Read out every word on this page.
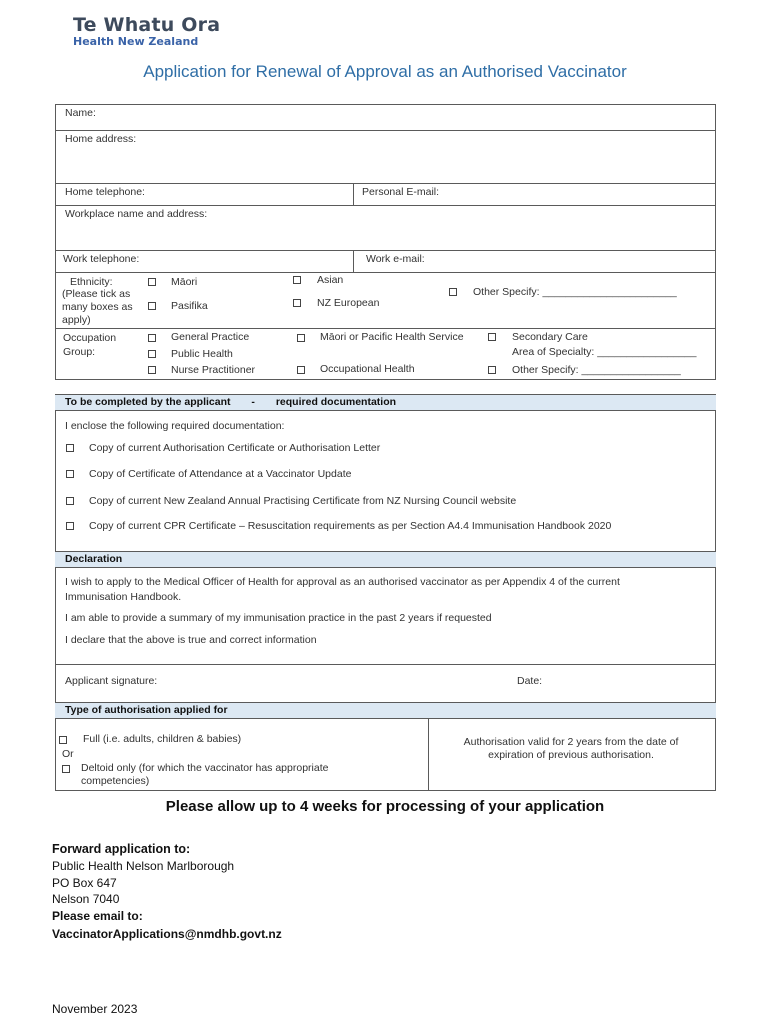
Te Whatu Ora
Health New Zealand
Application for Renewal of Approval as an Authorised Vaccinator
Name:
Home address:
Home telephone:	Personal E-mail:
Workplace name and address:
Work telephone:	Work e-mail:
Ethnicity:
(Please tick as many boxes as apply)
Māori
Pasifika
Asian
NZ European
Other Specify: _______________________
Occupation Group:
General Practice
Public Health
Nurse Practitioner
Māori or Pacific Health Service
Occupational Health
Secondary Care
Area of Specialty: _________________
Other Specify: _________________
To be completed by the applicant - required documentation
I enclose the following required documentation:
Copy of current Authorisation Certificate or Authorisation Letter
Copy of Certificate of Attendance at a Vaccinator Update
Copy of current New Zealand Annual Practising Certificate from NZ Nursing Council website
Copy of current CPR Certificate – Resuscitation requirements as per Section A4.4 Immunisation Handbook 2020
Declaration
I wish to apply to the Medical Officer of Health for approval as an authorised vaccinator as per Appendix 4 of the current Immunisation Handbook.
I am able to provide a summary of my immunisation practice in the past 2 years if requested
I declare that the above is true and correct information
Applicant signature:	Date:
Type of authorisation applied for
Full (i.e. adults, children & babies)
Or
Deltoid only (for which the vaccinator has appropriate competencies)
Authorisation valid for 2 years from the date of expiration of previous authorisation.
Please allow up to 4 weeks for processing of your application
Forward application to:
Public Health Nelson Marlborough
PO Box 647
Nelson 7040
Please email to:
VaccinatorApplications@nmdhb.govt.nz
November 2023
